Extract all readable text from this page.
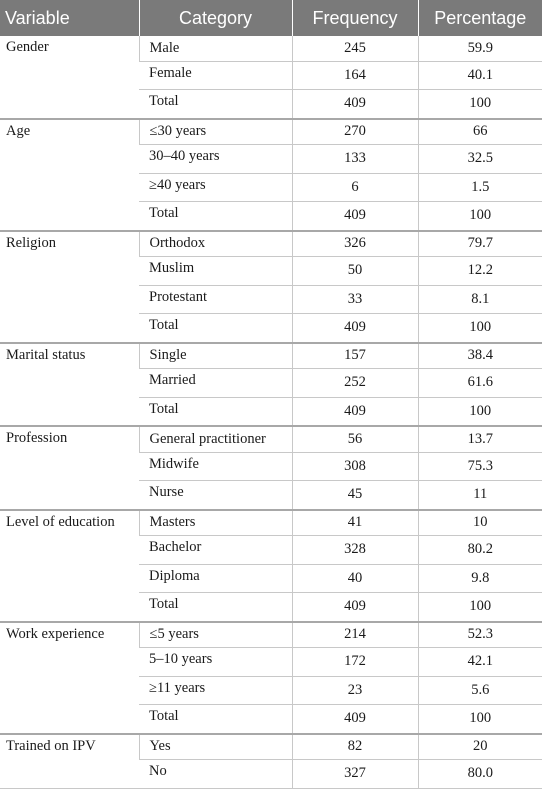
Variable	Category	Frequency	Percentage
Gender	Male	245	59.9
	Female	164	40.1
	Total	409	100
Age	≤30 years	270	66
	30–40 years	133	32.5
	≥40 years	6	1.5
	Total	409	100
Religion	Orthodox	326	79.7
	Muslim	50	12.2
	Protestant	33	8.1
	Total	409	100
Marital status	Single	157	38.4
	Married	252	61.6
	Total	409	100
Profession	General practitioner	56	13.7
	Midwife	308	75.3
	Nurse	45	11
Level of education	Masters	41	10
	Bachelor	328	80.2
	Diploma	40	9.8
	Total	409	100
Work experience	≤5 years	214	52.3
	5–10 years	172	42.1
	≥11 years	23	5.6
	Total	409	100
Trained on IPV	Yes	82	20
	No	327	80.0
